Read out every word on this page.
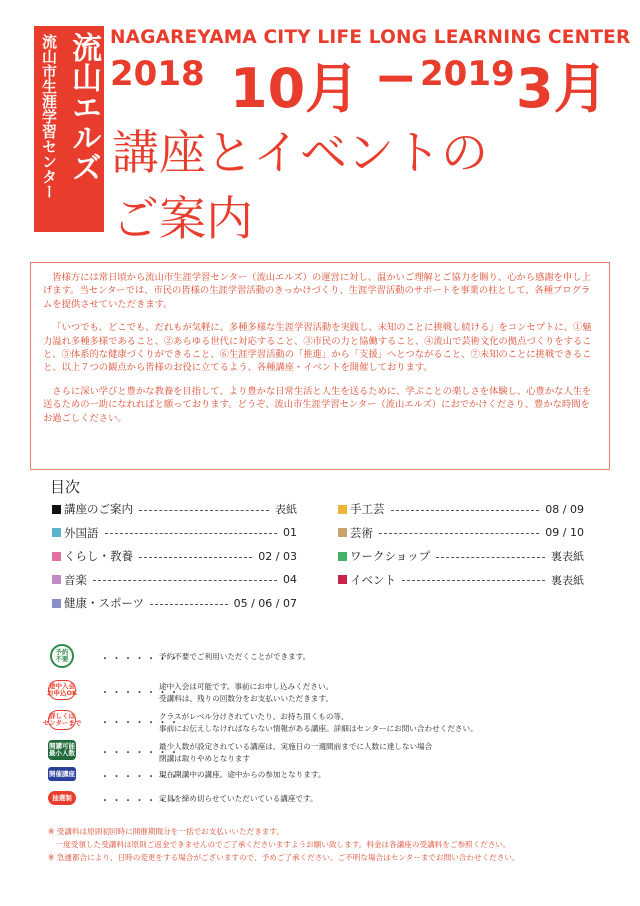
流山エルズ
流山市生涯学習センター	NAGAREYAMA CITY LIFE LONG LEARNING CENTER
2018 10月 − 2019 3月
講座とイベントの
ご案内

皆様方には常日頃から流山市生涯学習センター（流山エルズ）の運営に対し、温かいご理解とご協力を賜り、心から感謝を申し上げます。当センターでは、市民の皆様の生涯学習活動のきっかけづくり、生涯学習活動のサポートを事業の柱として、各種プログラムを提供させていただきます。

「いつでも、どこでも、だれもが気軽に、多種多様な生涯学習活動を実践し、未知のことに挑戦し続ける」をコンセプトに、①魅力溢れ多種多様であること、②あらゆる世代に対応すること、③市民の力と協働すること、④流山で芸術文化の拠点づくりをすること、⑤体系的な健康づくりができること、⑥生涯学習活動の「推進」から「支援」へとつながること、⑦未知のことに挑戦できること、以上７つの観点から皆様のお役に立てるよう、各種講座・イベントを開催しております。

さらに深い学びと豊かな教養を目指して、より豊かな日常生活と人生を送るために、学ぶことの楽しさを体験し、心豊かな人生を送るための一助になれればと願っております。どうぞ、流山市生涯学習センター（流山エルズ）におでかけくださり、豊かな時間をお過ごしください。

目次
講座のご案内	表紙
外国語	01
くらし・教養	02 / 03
音楽	04
健康・スポーツ	05 / 06 / 07
手工芸	08 / 09
芸術	09 / 10
ワークショップ	裏表紙
イベント	裏表紙
予約
不要	・・・・・・・
予約不要でご利用いただくことができます。
途中入会
お申込OK ・・・・・・・
途中入会は可能です。事前にお申し込みください。
受講料は、残りの回数分をお支払いいただきます。
詳しくは
センターまで ・・・・・・・
クラスがレベル分けされていたり、お持ち頂くもの等、
事前にお伝えしなければならない情報がある講座。詳細はセンターにお問い合わせください。
開講可能
最小人数	・・・・・・・
最少人数が設定されている講座は、実施日の一週間前までに人数に達しない場合
閉講は取りやめとなります
開催講座	・・・・・・・
現在開講中の講座。途中からの参加となります。
抽選制	・・・・・・・
定員を締め切らせていただいている講座です。
※ 受講料は原則初回時に開催期間分を一括でお支払いいただきます。
　一度受領した受講料は原則ご返金できませんのでご了承くださいますようお願い致します。料金は各講座の受講料をご参照ください。
※ 急遽都合により、日時の変更をする場合がございますので、予めご了承ください。ご不明な場合はセンターまでお問い合わせください。
